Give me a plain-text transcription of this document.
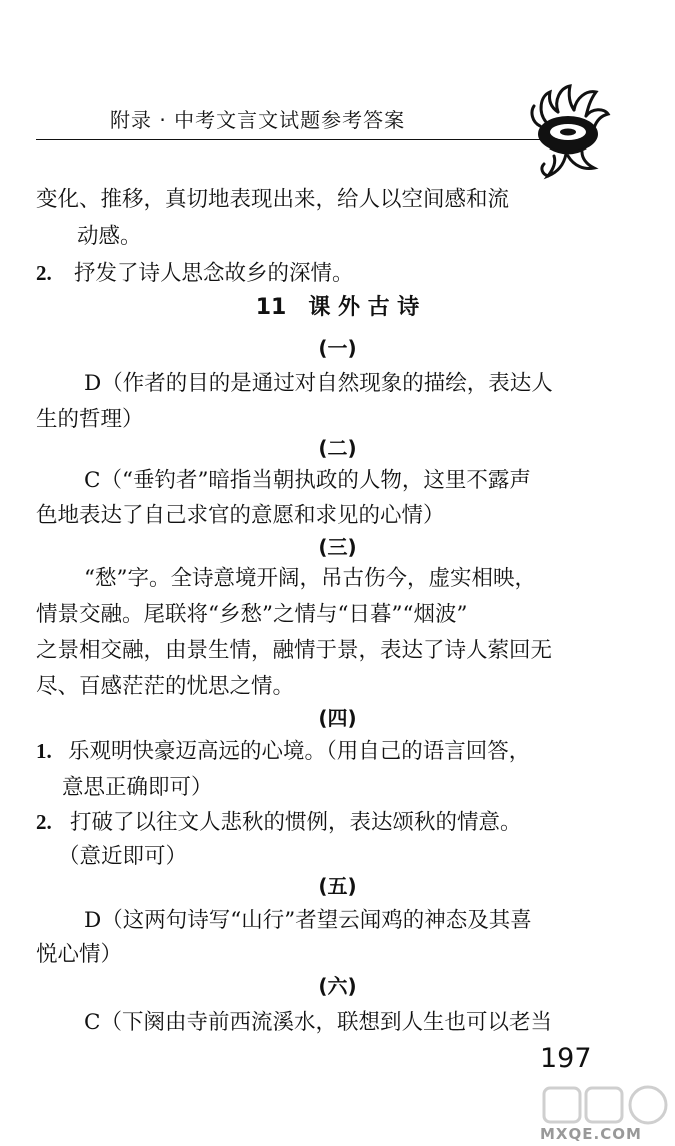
附录 · 中考文言文试题参考答案
变化、推移，真切地表现出来，给人以空间感和流
动感。
2. 抒发了诗人思念故乡的深情。
11　课 外 古 诗
(一)
D（作者的目的是通过对自然现象的描绘，表达人
生的哲理）
(二)
C（“垂钓者”暗指当朝执政的人物，这里不露声
色地表达了自己求官的意愿和求见的心情）
(三)
“愁”字。全诗意境开阔，吊古伤今，虚实相映，
情景交融。尾联将“乡愁”之情与“日暮”“烟波”
之景相交融，由景生情，融情于景，表达了诗人萦回无
尽、百感茫茫的忧思之情。
(四)
1. 乐观明快豪迈高远的心境。（用自己的语言回答，
意思正确即可）
2. 打破了以往文人悲秋的惯例，表达颂秋的情意。
（意近即可）
(五)
D（这两句诗写“山行”者望云闻鸡的神态及其喜
悦心情）
(六)
C（下阕由寺前西流溪水，联想到人生也可以老当
197
MXQE.COM
